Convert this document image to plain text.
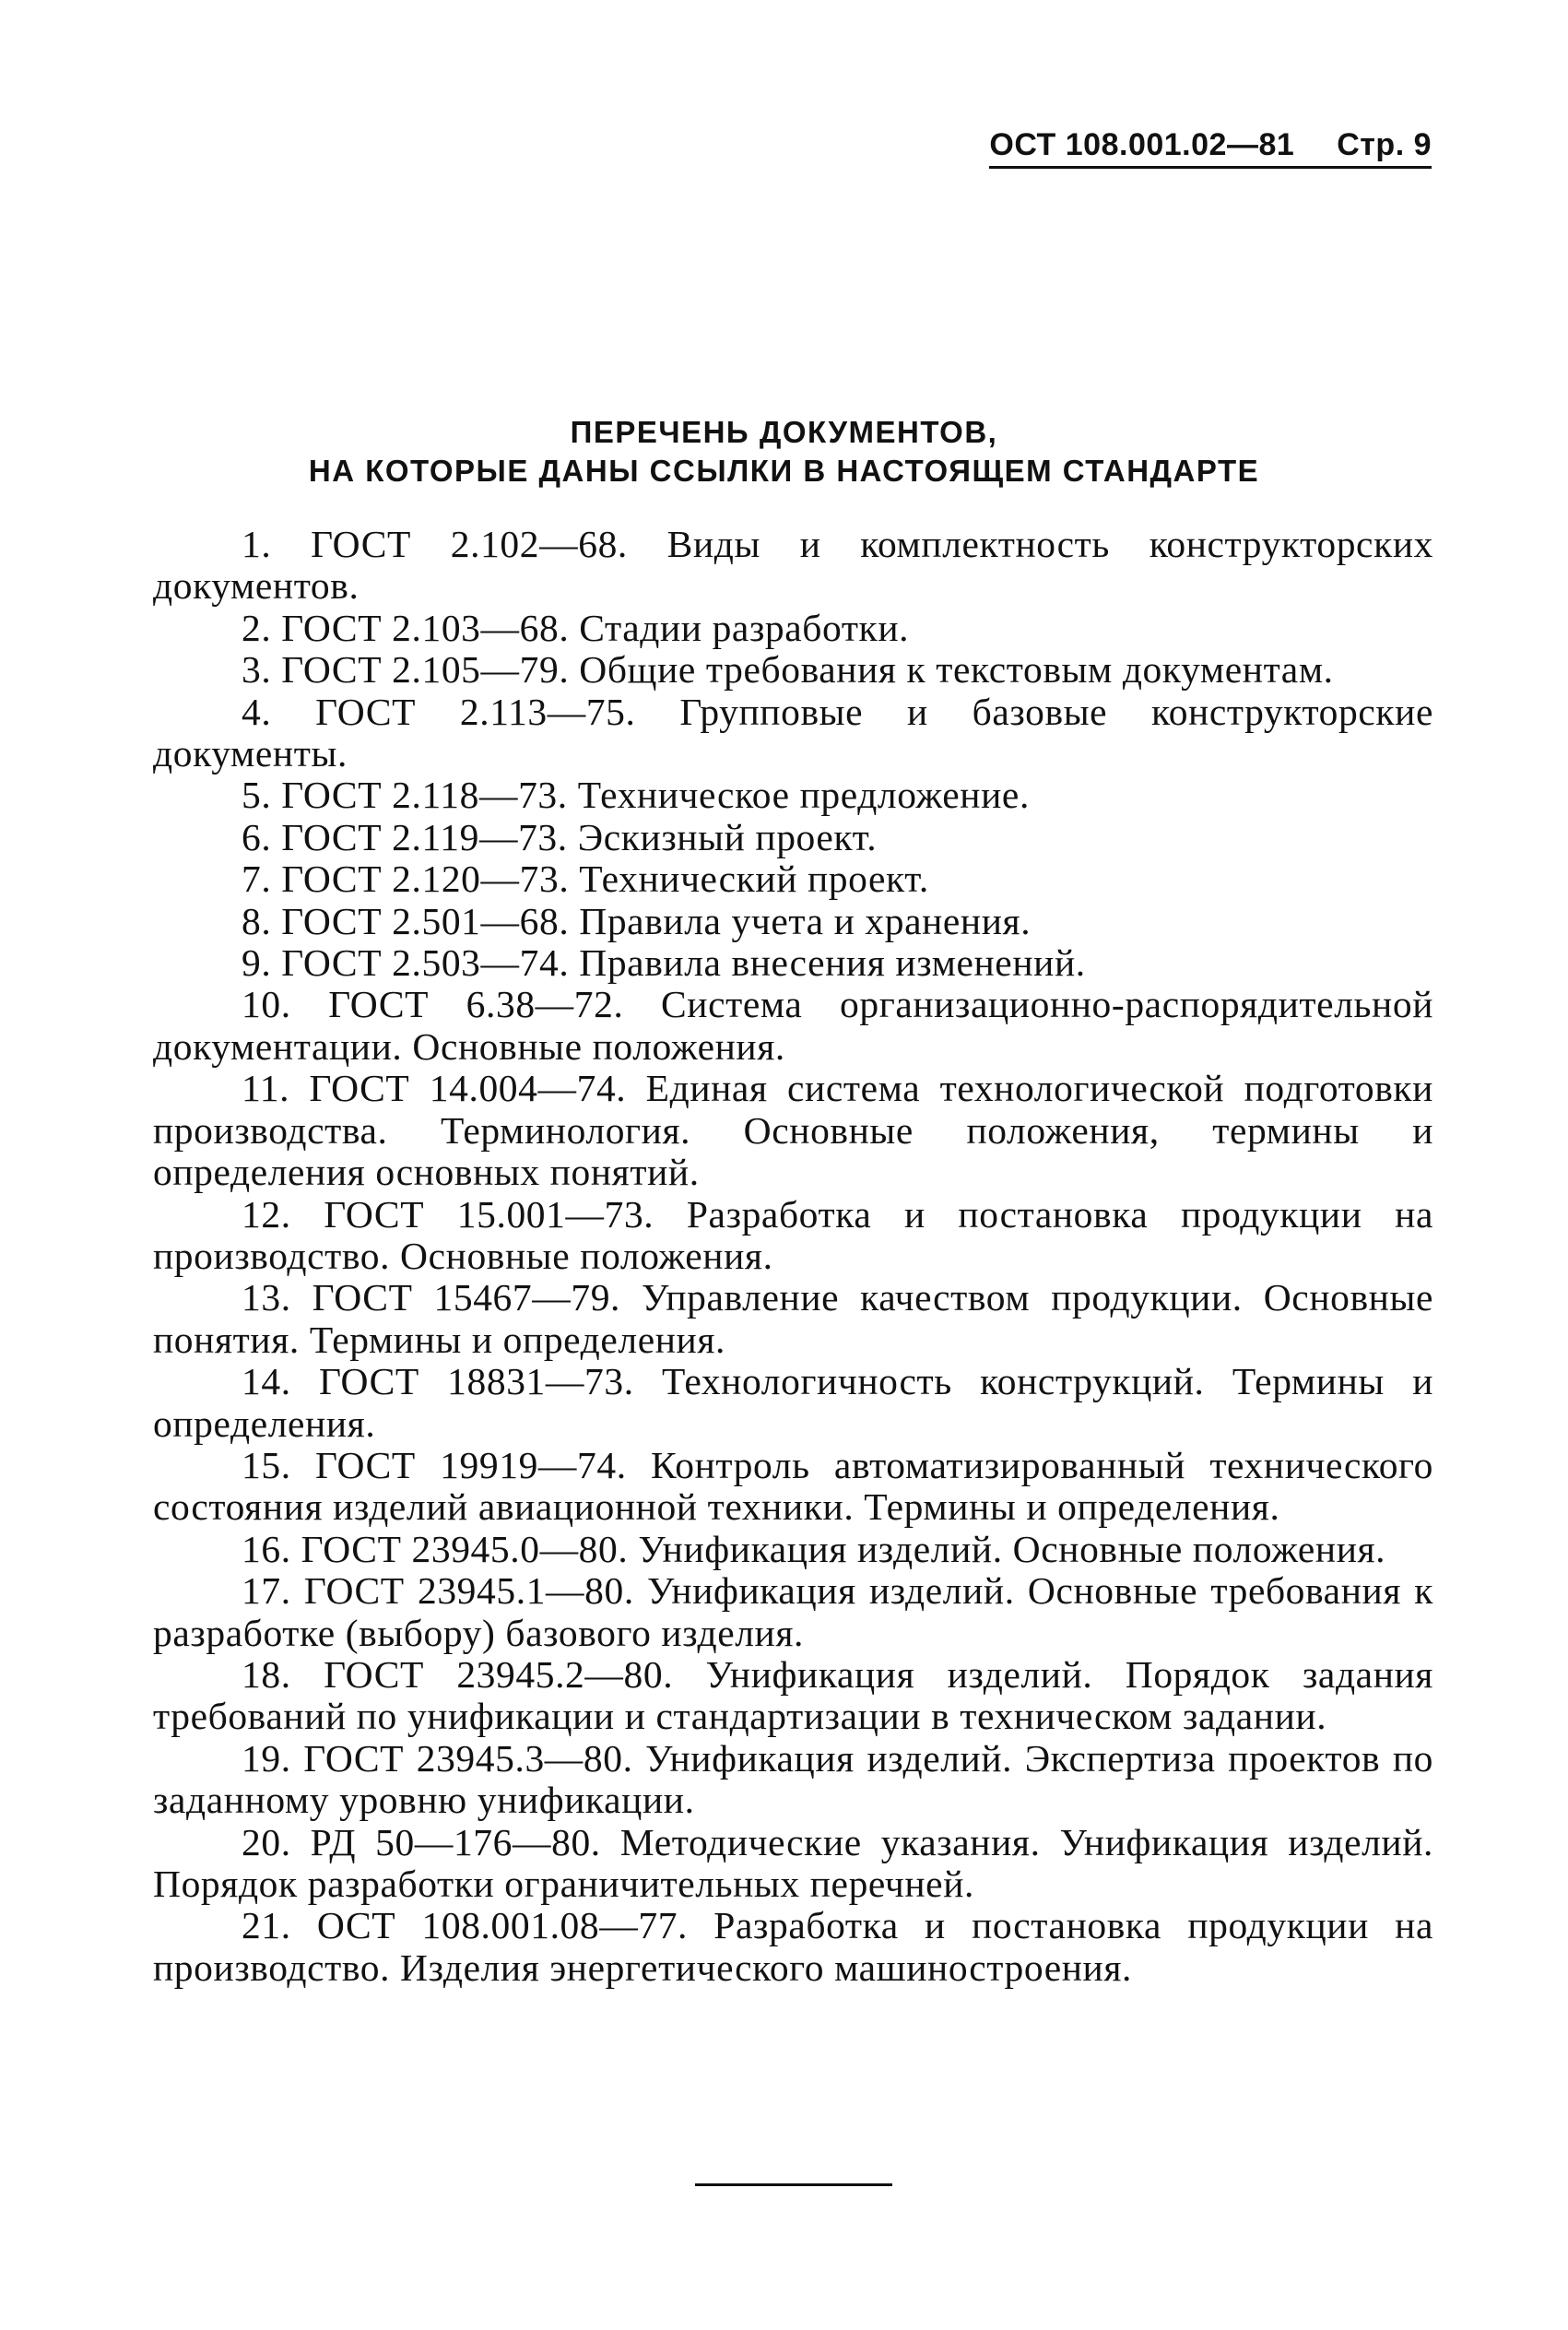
ОСТ 108.001.02—81 Стр. 9
ПЕРЕЧЕНЬ ДОКУМЕНТОВ,
НА КОТОРЫЕ ДАНЫ ССЫЛКИ В НАСТОЯЩЕМ СТАНДАРТЕ
1. ГОСТ 2.102—68. Виды и комплектность конструкторских документов.
2. ГОСТ 2.103—68. Стадии разработки.
3. ГОСТ 2.105—79. Общие требования к текстовым документам.
4. ГОСТ 2.113—75. Групповые и базовые конструкторские документы.
5. ГОСТ 2.118—73. Техническое предложение.
6. ГОСТ 2.119—73. Эскизный проект.
7. ГОСТ 2.120—73. Технический проект.
8. ГОСТ 2.501—68. Правила учета и хранения.
9. ГОСТ 2.503—74. Правила внесения изменений.
10. ГОСТ 6.38—72. Система организационно-распорядительной документации. Основные положения.
11. ГОСТ 14.004—74. Единая система технологической подготовки производства. Терминология. Основные положения, термины и определения основных понятий.
12. ГОСТ 15.001—73. Разработка и постановка продукции на производство. Основные положения.
13. ГОСТ 15467—79. Управление качеством продукции. Основные понятия. Термины и определения.
14. ГОСТ 18831—73. Технологичность конструкций. Термины и определения.
15. ГОСТ 19919—74. Контроль автоматизированный технического состояния изделий авиационной техники. Термины и определения.
16. ГОСТ 23945.0—80. Унификация изделий. Основные положения.
17. ГОСТ 23945.1—80. Унификация изделий. Основные требования к разработке (выбору) базового изделия.
18. ГОСТ 23945.2—80. Унификация изделий. Порядок задания требований по унификации и стандартизации в техническом задании.
19. ГОСТ 23945.3—80. Унификация изделий. Экспертиза проектов по заданному уровню унификации.
20. РД 50—176—80. Методические указания. Унификация изделий. Порядок разработки ограничительных перечней.
21. ОСТ 108.001.08—77. Разработка и постановка продукции на производство. Изделия энергетического машиностроения.
